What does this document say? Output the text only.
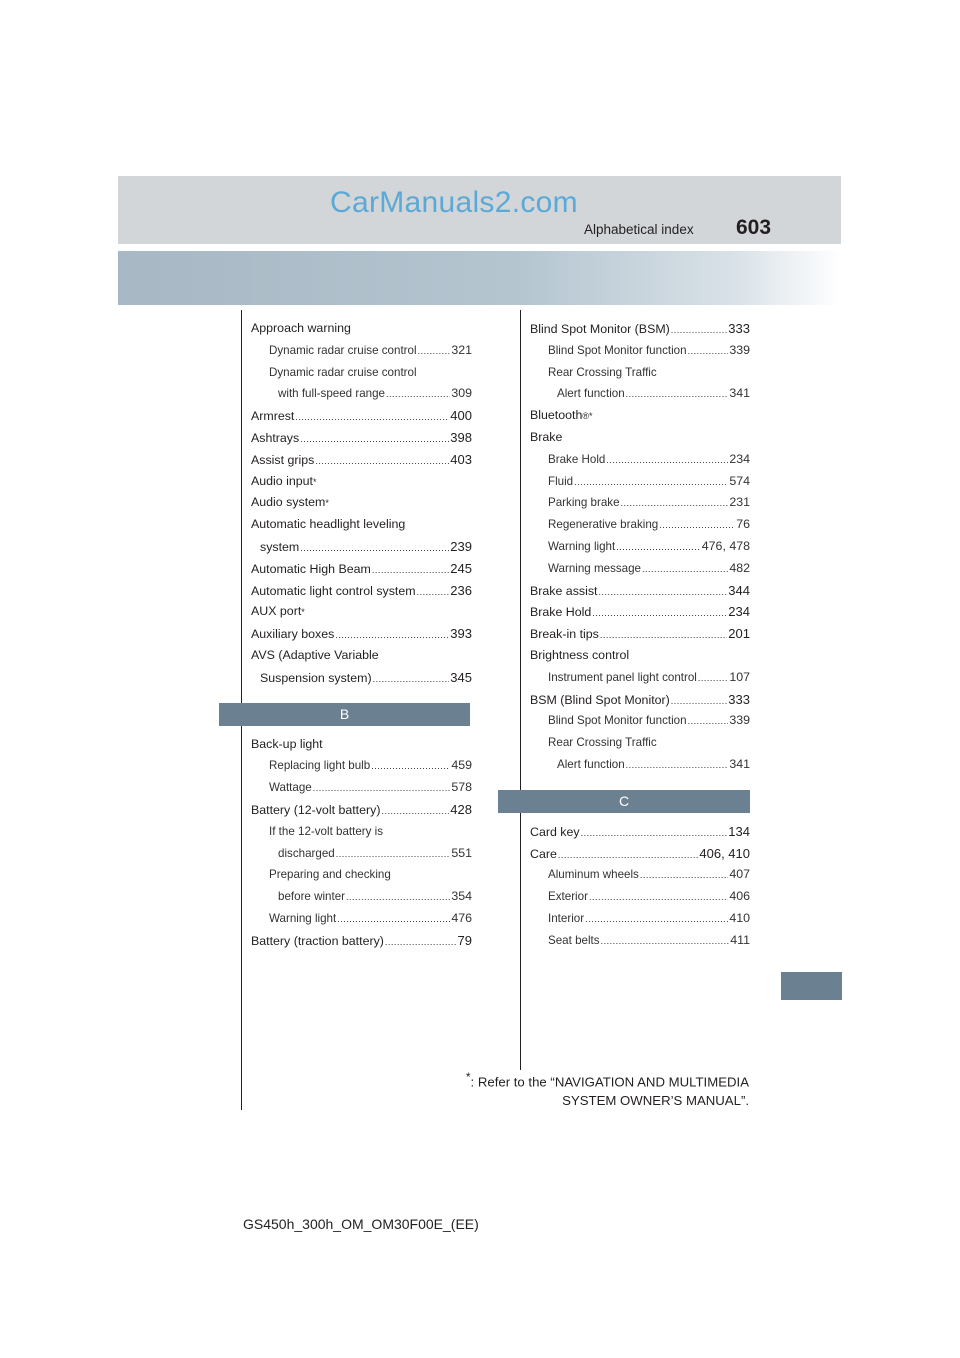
CarManuals2.com
Alphabetical index 603
Approach warning
Dynamic radar cruise control .....	321
Dynamic radar cruise control
with full-speed range .....	309
Armrest .....	400
Ashtrays .....	398
Assist grips .....	403
Audio input *
Audio system *
Automatic headlight leveling
system .....	239
Automatic High Beam .....	245
Automatic light control system .....	236
AUX port *
Auxiliary boxes .....	393
AVS (Adaptive Variable
Suspension system) .....	345
B
Back-up light
Replacing light bulb .....	459
Wattage .....	578
Battery (12-volt battery) .....	428
If the 12-volt battery is
discharged .....	551
Preparing and checking
before winter .....	354
Warning light .....	476
Battery (traction battery) .....	79
Blind Spot Monitor (BSM) .....	333
Blind Spot Monitor function .....	339
Rear Crossing Traffic
Alert function .....	341
Bluetooth ®*
Brake
Brake Hold .....	234
Fluid .....	574
Parking brake .....	231
Regenerative braking .....	76
Warning light .....	476, 478
Warning message .....	482
Brake assist .....	344
Brake Hold .....	234
Break-in tips .....	201
Brightness control
Instrument panel light control .....	107
BSM (Blind Spot Monitor) .....	333
Blind Spot Monitor function .....	339
Rear Crossing Traffic
Alert function .....	341
C
Card key .....	134
Care .....	406, 410
Aluminum wheels .....	407
Exterior .....	406
Interior .....	410
Seat belts .....	411
*: Refer to the “NAVIGATION AND MULTIMEDIA
SYSTEM OWNER’S MANUAL”.
GS450h_300h_OM_OM30F00E_(EE)
